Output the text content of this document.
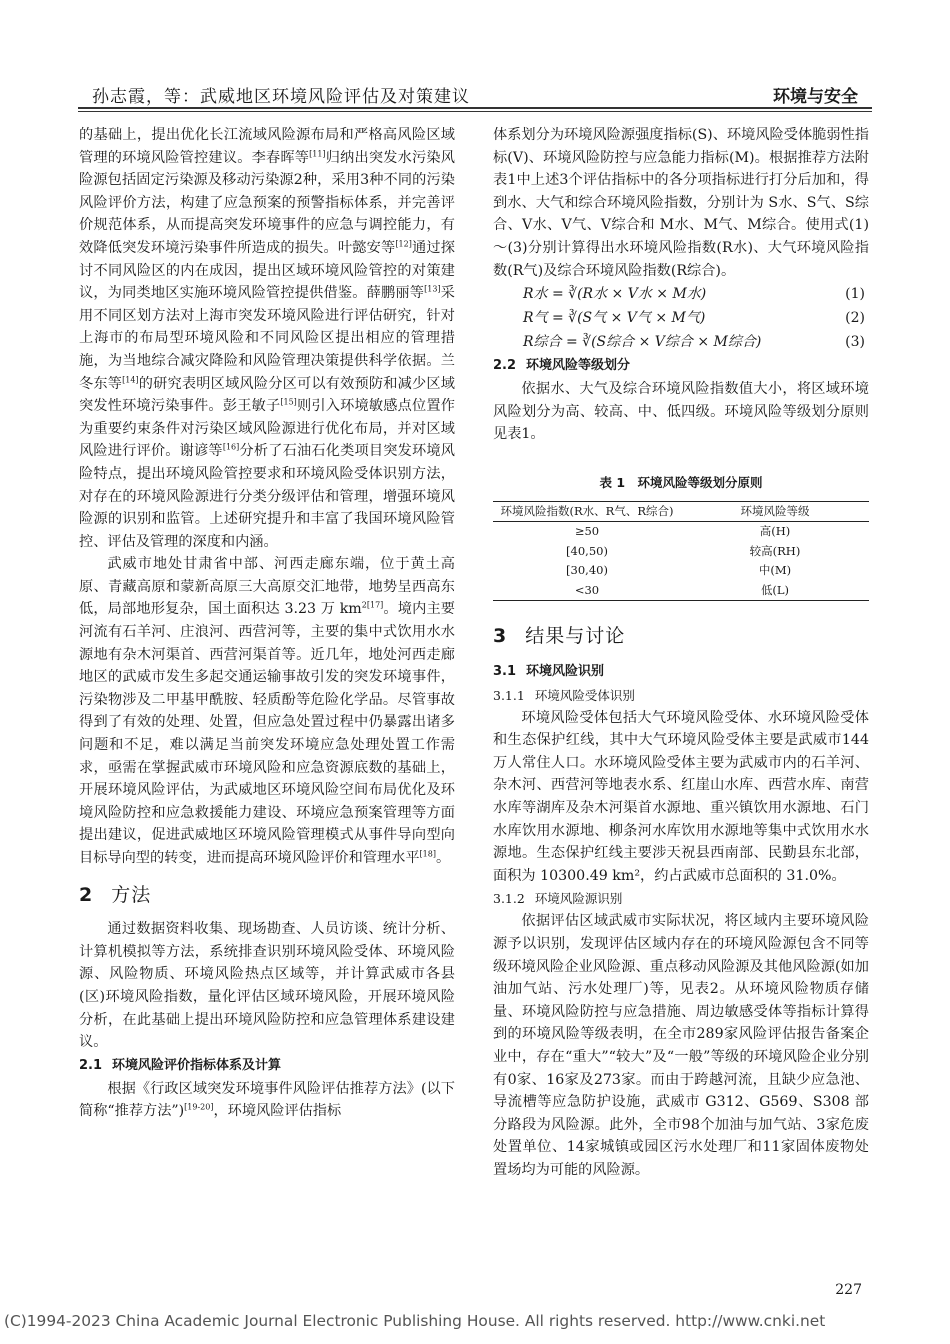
孙志霞，等：武威地区环境风险评估及对策建议	环境与安全

的基础上，提出优化长江流域风险源布局和严格高风险区域管理的环境风险管控建议。李春晖等[11]归纳出突发水污染风险源包括固定污染源及移动污染源2种，采用3种不同的污染风险评价方法，构建了应急预案的预警指标体系，并完善评价规范体系，从而提高突发环境事件的应急与调控能力，有效降低突发环境污染事件所造成的损失。叶懿安等[12]通过探讨不同风险区的内在成因，提出区域环境风险管控的对策建议，为同类地区实施环境风险管控提供借鉴。薛鹏丽等[13]采用不同区划方法对上海市突发环境风险进行评估研究，针对上海市的布局型环境风险和不同风险区提出相应的管理措施，为当地综合减灾降险和风险管理决策提供科学依据。兰冬东等[14]的研究表明区域风险分区可以有效预防和减少区域突发性环境污染事件。彭王敏子[15]则引入环境敏感点位置作为重要约束条件对污染区域风险源进行优化布局，并对区域风险进行评价。谢谚等[16]分析了石油石化类项目突发环境风险特点，提出环境风险管控要求和环境风险受体识别方法，对存在的环境风险源进行分类分级评估和管理，增强环境风险源的识别和监管。上述研究提升和丰富了我国环境风险管控、评估及管理的深度和内涵。

武威市地处甘肃省中部、河西走廊东端，位于黄土高原、青藏高原和蒙新高原三大高原交汇地带，地势呈西高东低，局部地形复杂，国土面积达 3.23 万 $km^{2[17]}$。境内主要河流有石羊河、庄浪河、西营河等，主要的集中式饮用水水源地有杂木河渠首、西营河渠首等。近几年，地处河西走廊地区的武威市发生多起交通运输事故引发的突发环境事件，污染物涉及二甲基甲酰胺、轻质酚等危险化学品。尽管事故得到了有效的处理、处置，但应急处置过程中仍暴露出诸多问题和不足，难以满足当前突发环境应急处理处置工作需求，亟需在掌握武威市环境风险和应急资源底数的基础上，开展环境风险评估，为武威地区环境风险空间布局优化及环境风险防控和应急救援能力建设、环境应急预案管理等方面提出建议，促进武威地区环境风险管理模式从事件导向型向目标导向型的转变，进而提高环境风险评价和管理水平[18]。

2 方法

通过数据资料收集、现场勘查、人员访谈、统计分析、计算机模拟等方法，系统排查识别环境风险受体、环境风险源、风险物质、环境风险热点区域等，并计算武威市各县(区)环境风险指数，量化评估区域环境风险，开展环境风险分析，在此基础上提出环境风险防控和应急管理体系建设建议。

2.1 环境风险评价指标体系及计算

根据《行政区域突发环境事件风险评估推荐方法》(以下简称“推荐方法”)[19-20]，环境风险评估指标

体系划分为环境风险源强度指标(S)、环境风险受体脆弱性指标(V)、环境风险防控与应急能力指标(M)。根据推荐方法附表1中上述3个评估指标中的各分项指标进行打分后加和，得到水、大气和综合环境风险指数，分别计为 S水、S气、S综合、V水、V气、V综合和 M水、M气、M综合。使用式(1)～(3)分别计算得出水环境风险指数(R水)、大气环境风险指数(R气)及综合环境风险指数(R综合)。

R水 = ∛(R水 × V水 × M水)	(1)
R气 = ∛(S气 × V气 × M气)	(2)
R综合 = ∛(S综合 × V综合 × M综合)	(3)
2.2 环境风险等级划分

依据水、大气及综合环境风险指数值大小，将区域环境风险划分为高、较高、中、低四级。环境风险等级划分原则见表1。

表 1　环境风险等级划分原则
环境风险指数(R水、R气、R综合)	环境风险等级
≥50	高(H)
[40,50)	较高(RH)
[30,40)	中(M)
<30	低(L)
3 结果与讨论
3.1 环境风险识别
3.1.1 环境风险受体识别

环境风险受体包括大气环境风险受体、水环境风险受体和生态保护红线，其中大气环境风险受体主要是武威市144万人常住人口。水环境风险受体主要为武威市内的石羊河、杂木河、西营河等地表水系、红崖山水库、西营水库、南营水库等湖库及杂木河渠首水源地、重兴镇饮用水源地、石门水库饮用水源地、柳条河水库饮用水源地等集中式饮用水水源地。生态保护红线主要涉天祝县西南部、民勤县东北部，面积为 10300.49 km²，约占武威市总面积的 31.0%。

3.1.2 环境风险源识别

依据评估区域武威市实际状况，将区域内主要环境风险源予以识别，发现评估区域内存在的环境风险源包含不同等级环境风险企业风险源、重点移动风险源及其他风险源(如加油加气站、污水处理厂)等，见表2。从环境风险物质存储量、环境风险防控与应急措施、周边敏感受体等指标计算得到的环境风险等级表明，在全市289家风险评估报告备案企业中，存在“重大”“较大”及“一般”等级的环境风险企业分别有0家、16家及273家。而由于跨越河流，且缺少应急池、导流槽等应急防护设施，武威市 G312、G569、S308 部分路段为风险源。此外，全市98个加油与加气站、3家危废处置单位、14家城镇或园区污水处理厂和11家固体废物处置场均为可能的风险源。

227
(C)1994-2023 China Academic Journal Electronic Publishing House. All rights reserved. http://www.cnki.net
